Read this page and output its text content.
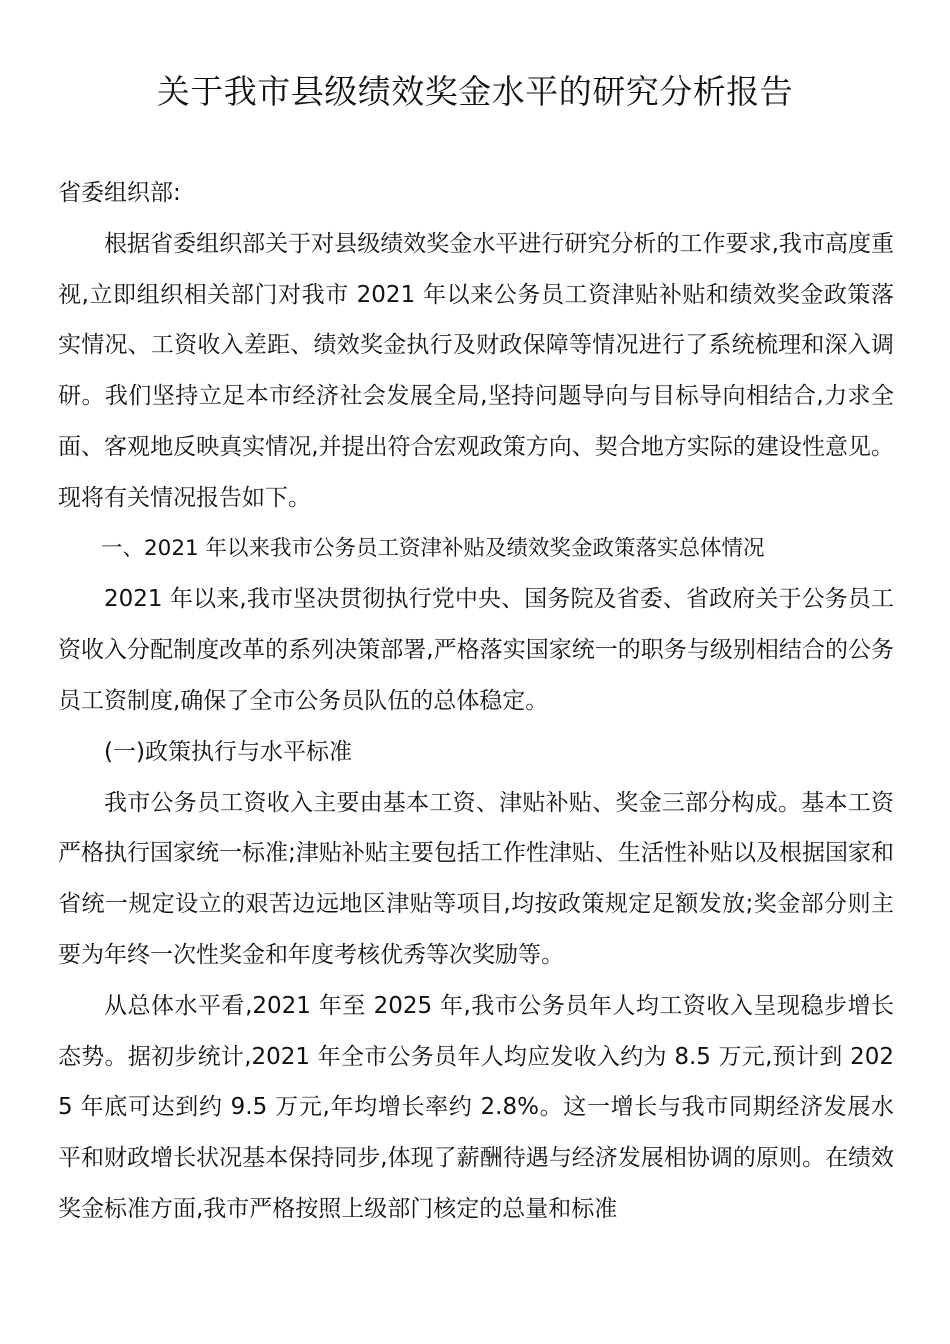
关于我市县级绩效奖金水平的研究分析报告

省委组织部:

根据省委组织部关于对县级绩效奖金水平进行研究分析的工作要求,我市高度重视,立即组织相关部门对我市 2021 年以来公务员工资津贴补贴和绩效奖金政策落实情况、工资收入差距、绩效奖金执行及财政保障等情况进行了系统梳理和深入调研。我们坚持立足本市经济社会发展全局,坚持问题导向与目标导向相结合,力求全面、客观地反映真实情况,并提出符合宏观政策方向、契合地方实际的建设性意见。现将有关情况报告如下。

一、2021 年以来我市公务员工资津补贴及绩效奖金政策落实总体情况

2021 年以来,我市坚决贯彻执行党中央、国务院及省委、省政府关于公务员工资收入分配制度改革的系列决策部署,严格落实国家统一的职务与级别相结合的公务员工资制度,确保了全市公务员队伍的总体稳定。

(一)政策执行与水平标准

我市公务员工资收入主要由基本工资、津贴补贴、奖金三部分构成。基本工资严格执行国家统一标准;津贴补贴主要包括工作性津贴、生活性补贴以及根据国家和省统一规定设立的艰苦边远地区津贴等项目,均按政策规定足额发放;奖金部分则主要为年终一次性奖金和年度考核优秀等次奖励等。

从总体水平看,2021 年至 2025 年,我市公务员年人均工资收入呈现稳步增长态势。据初步统计,2021 年全市公务员年人均应发收入约为 8.5 万元,预计到 2025 年底可达到约 9.5 万元,年均增长率约 2.8%。这一增长与我市同期经济发展水平和财政增长状况基本保持同步,体现了薪酬待遇与经济发展相协调的原则。在绩效奖金标准方面,我市严格按照上级部门核定的总量和标准
